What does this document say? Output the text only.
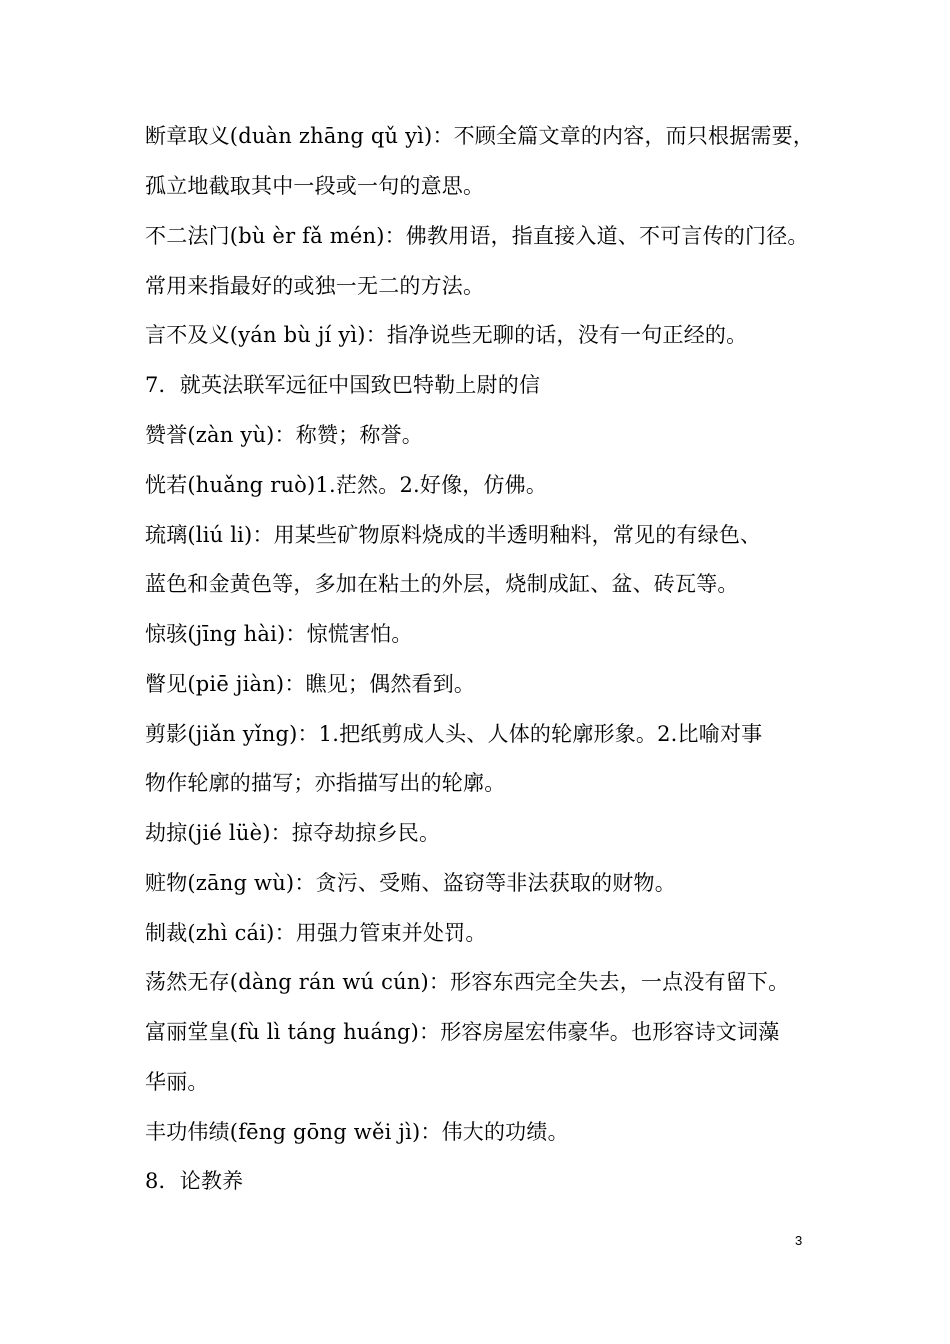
断章取义(duàn zhāng qǔ yì)：不顾全篇文章的内容，而只根据需要，
孤立地截取其中一段或一句的意思。
不二法门(bù èr fǎ mén)：佛教用语，指直接入道、不可言传的门径。
常用来指最好的或独一无二的方法。
言不及义(yán bù jí yì)：指净说些无聊的话，没有一句正经的。
7．就英法联军远征中国致巴特勒上尉的信
赞誉(zàn yù)：称赞；称誉。
恍若(huǎng ruò)1.茫然。2.好像，仿佛。
琉璃(liú li)：用某些矿物原料烧成的半透明釉料，常见的有绿色、
蓝色和金黄色等，多加在粘土的外层，烧制成缸、盆、砖瓦等。
惊骇(jīng hài)：惊慌害怕。
瞥见(piē jiàn)：瞧见；偶然看到。
剪影(jiǎn yǐng)：1.把纸剪成人头、人体的轮廓形象。2.比喻对事
物作轮廓的描写；亦指描写出的轮廓。
劫掠(jié lüè)：掠夺劫掠乡民。
赃物(zāng wù)：贪污、受贿、盗窃等非法获取的财物。
制裁(zhì cái)：用强力管束并处罚。
荡然无存(dàng rán wú cún)：形容东西完全失去，一点没有留下。
富丽堂皇(fù lì táng huáng)：形容房屋宏伟豪华。也形容诗文词藻
华丽。
丰功伟绩(fēng gōng wěi jì)：伟大的功绩。
8．论教养
3
